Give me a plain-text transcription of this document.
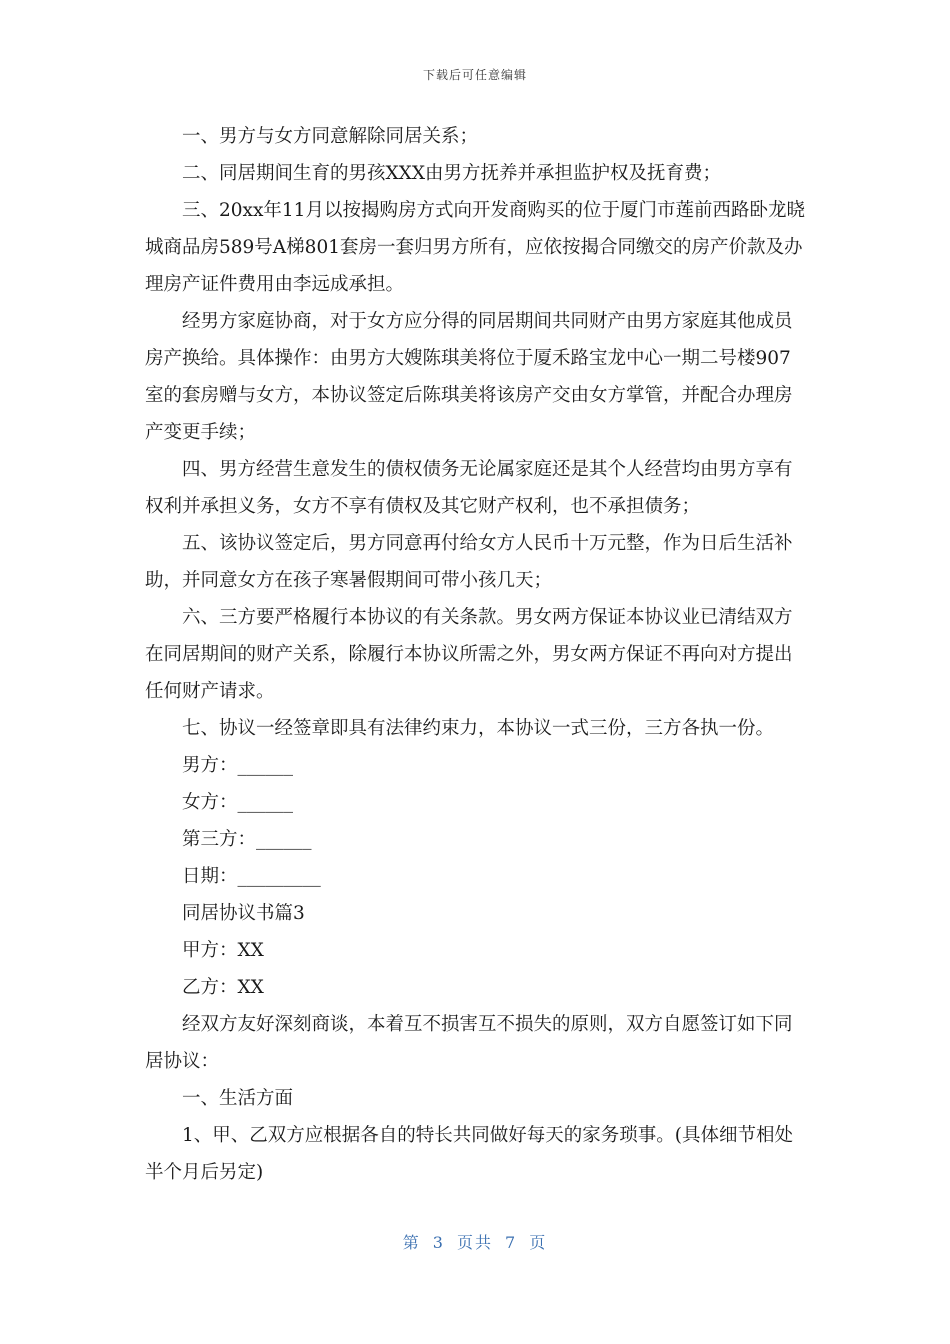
下载后可任意编辑

一、男方与女方同意解除同居关系；

二、同居期间生育的男孩XXX由男方抚养并承担监护权及抚育费；

三、20xx年11月以按揭购房方式向开发商购买的位于厦门市莲前西路卧龙晓城商品房589号A梯801套房一套归男方所有，应依按揭合同缴交的房产价款及办理房产证件费用由李远成承担。

经男方家庭协商，对于女方应分得的同居期间共同财产由男方家庭其他成员房产换给。具体操作：由男方大嫂陈琪美将位于厦禾路宝龙中心一期二号楼907室的套房赠与女方，本协议签定后陈琪美将该房产交由女方掌管，并配合办理房产变更手续；

四、男方经营生意发生的债权债务无论属家庭还是其个人经营均由男方享有权利并承担义务，女方不享有债权及其它财产权利，也不承担债务；

五、该协议签定后，男方同意再付给女方人民币十万元整，作为日后生活补助，并同意女方在孩子寒暑假期间可带小孩几天；

六、三方要严格履行本协议的有关条款。男女两方保证本协议业已清结双方在同居期间的财产关系，除履行本协议所需之外，男女两方保证不再向对方提出任何财产请求。

七、协议一经签章即具有法律约束力，本协议一式三份，三方各执一份。

男方：______

女方：______

第三方：______

日期：_________

同居协议书篇3

甲方：XX

乙方：XX

经双方友好深刻商谈，本着互不损害互不损失的原则，双方自愿签订如下同居协议：

一、生活方面

1、甲、乙双方应根据各自的特长共同做好每天的家务琐事。(具体细节相处半个月后另定)

第 3 页共 7 页
